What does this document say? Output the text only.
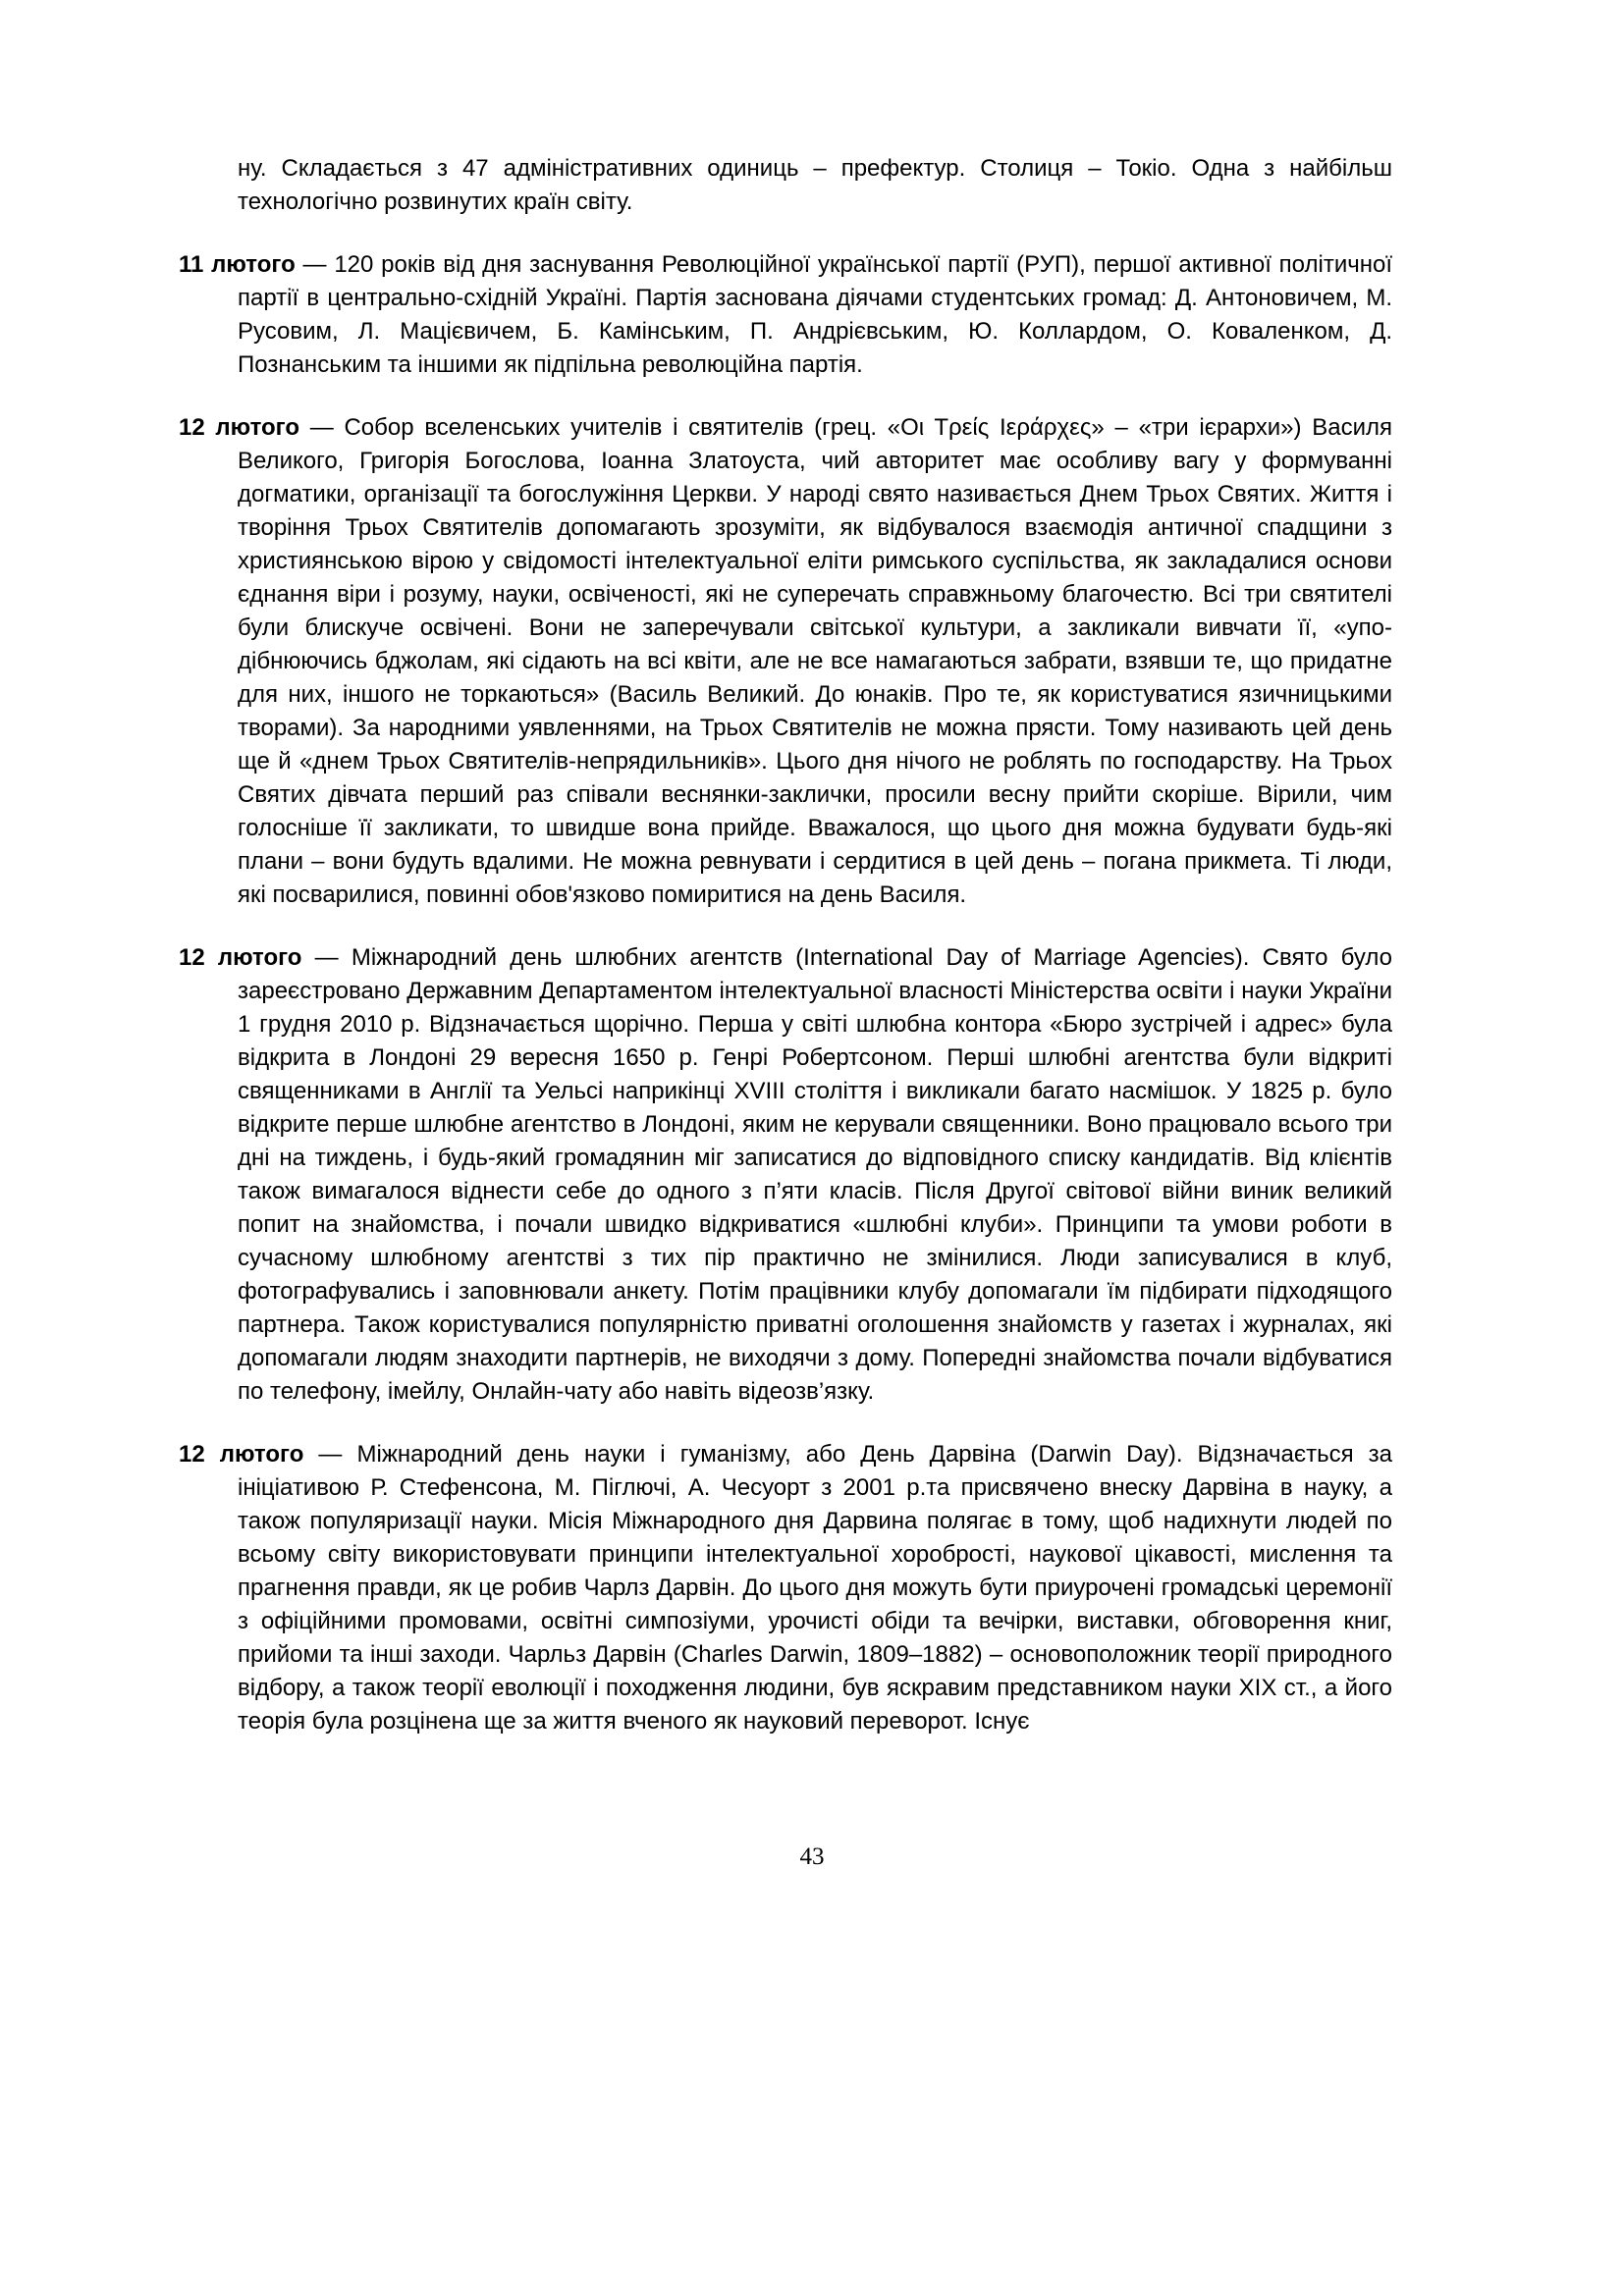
ну. Складається з 47 адміністративних одиниць – префектур. Столиця – Токіо. Одна з найбільш технологічно розвинутих країн світу.

11 лютого — 120 років від дня заснування Революційної української партії (РУП), першої активної політичної партії в центрально-східній Україні. Партія заснована діячами студентських громад: Д. Антоновичем, М. Русовим, Л. Мацієвичем, Б. Камінським, П. Андрієвським, Ю. Коллардом, О. Коваленком, Д. Познанським та іншими як підпільна революційна партія.

12 лютого — Собор вселенських учителів і святителів (грец. «Οι Τρείς Ιεράρχες» – «три ієрархи») Василя Великого, Григорія Богослова, Іоанна Златоуста, чий авторитет має особливу вагу у формуванні догматики, організації та богослужіння Церкви. У народі свято називається Днем Трьох Святих. Життя і творіння Трьох Святителів допомагають зрозуміти, як відбувалося взаємодія античної спадщини з християнською вірою у свідомості інтелектуальної еліти римського суспільства, як закладалися основи єднання віри і розуму, науки, освіченості, які не суперечать справжньому благочестю. Всі три святителі були блискуче освічені. Вони не заперечували світської культури, а закликали вивчати її, «уподібнюючись бджолам, які сідають на всі квіти, але не все намагаються забрати, взявши те, що придатне для них, іншого не торкаються» (Василь Великий. До юнаків. Про те, як користуватися язичницькими творами). За народними уявленнями, на Трьох Святителів не можна прясти. Тому називають цей день ще й «днем Трьох Святителів-непрядильників». Цього дня нічого не роблять по господарству. На Трьох Святих дівчата перший раз співали веснянки-заклички, просили весну прийти скоріше. Вірили, чим голосніше її закликати, то швидше вона прийде. Вважалося, що цього дня можна будувати будь-які плани – вони будуть вдалими. Не можна ревнувати і сердитися в цей день – погана прикмета. Ті люди, які посварилися, повинні обов'язково помиритися на день Василя.

12 лютого — Міжнародний день шлюбних агентств (International Day of Marriage Agencies). Свято було зареєстровано Державним Департаментом інтелектуальної власності Міністерства освіти і науки України 1 грудня 2010 р. Відзначається щорічно. Перша у світі шлюбна контора «Бюро зустрічей і адрес» була відкрита в Лондоні 29 вересня 1650 р. Генрі Робертсоном. Перші шлюбні агентства були відкриті священниками в Англії та Уельсі наприкінці XVIII століття і викликали багато насмішок. У 1825 р. було відкрите перше шлюбне агентство в Лондоні, яким не керували священники. Воно працювало всього три дні на тиждень, і будь-який громадянин міг записатися до відповідного списку кандидатів. Від клієнтів також вимагалося віднести себе до одного з п’яти класів. Після Другої світової війни виник великий попит на знайомства, і почали швидко відкриватися «шлюбні клуби». Принципи та умови роботи в сучасному шлюбному агентстві з тих пір практично не змінилися. Люди записувалися в клуб, фотографувались і заповнювали анкету. Потім працівники клубу допомагали їм підбирати підходящого партнера. Також користувалися популярністю приватні оголошення знайомств у газетах і журналах, які допомагали людям знаходити партнерів, не виходячи з дому. Попередні знайомства почали відбуватися по телефону, імейлу, Онлайн-чату або навіть відеозв’язку.

12 лютого — Міжнародний день науки і гуманізму, або День Дарвіна (Darwin Day). Відзначається за ініціативою Р. Стефенсона, М. Піглючі, А. Чесуорт з 2001 р.та присвячено внеску Дарвіна в науку, а також популяризації науки. Місія Міжнародного дня Дарвина полягає в тому, щоб надихнути людей по всьому світу використовувати принципи інтелектуальної хоробрості, наукової цікавості, мислення та прагнення правди, як це робив Чарлз Дарвін. До цього дня можуть бути приурочені громадські церемонії з офіційними промовами, освітні симпозіуми, урочисті обіди та вечірки, виставки, обговорення книг, прийоми та інші заходи. Чарльз Дарвін (Charles Darwin, 1809–1882) – основоположник теорії природного відбору, а також теорії еволюції і походження людини, був яскравим представником науки XIX ст., а його теорія була розцінена ще за життя вченого як науковий переворот. Існує

43
